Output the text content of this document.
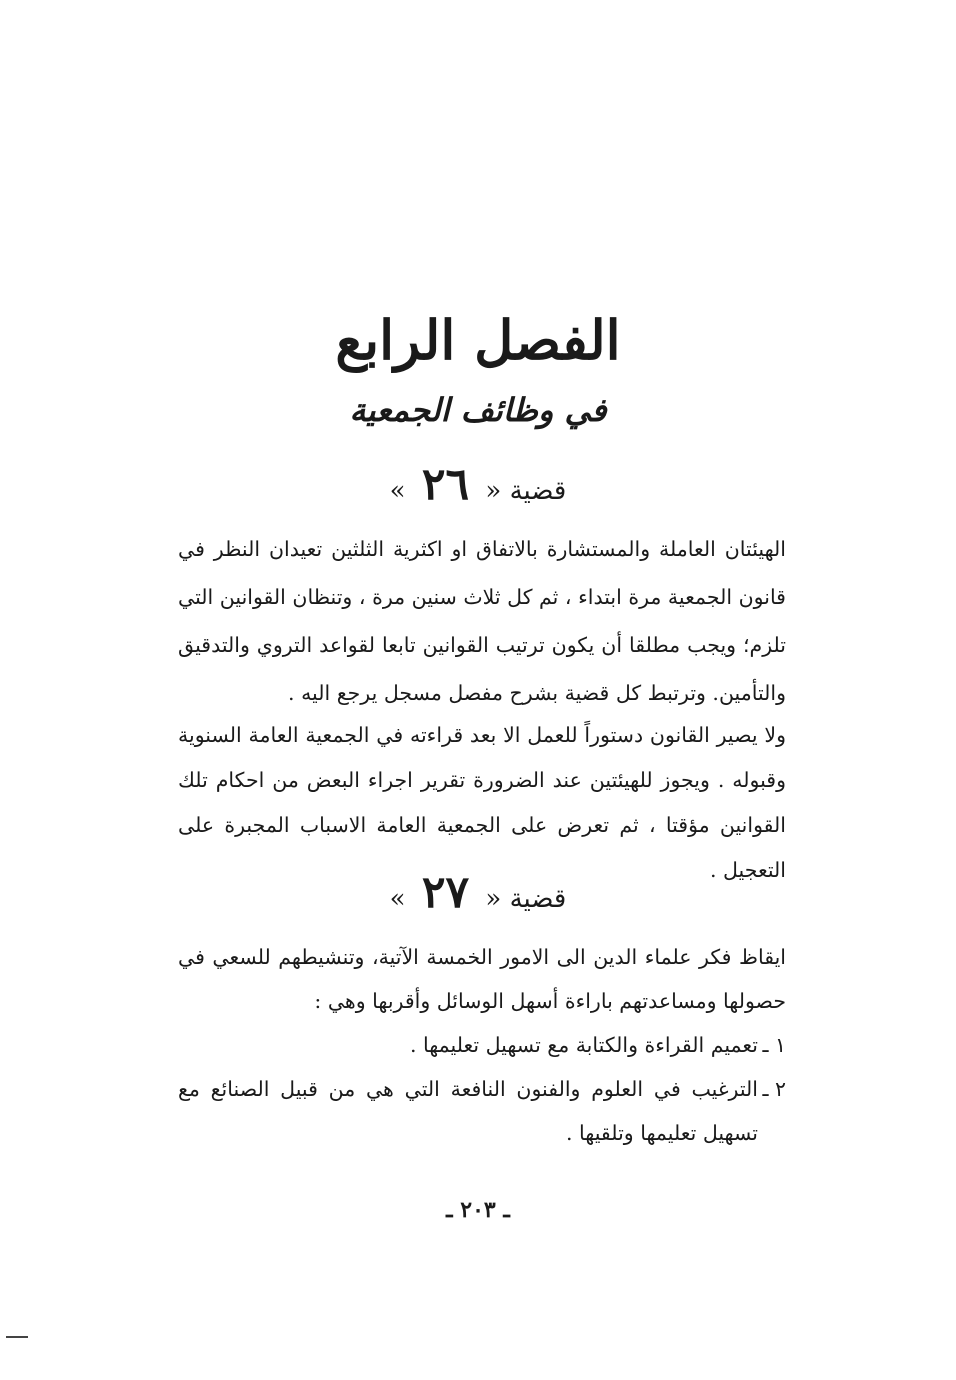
الفصل الرابع
في وظائف الجمعية
قضية « ٢٦ »

الهيئتان العاملة والمستشارة بالاتفاق او اكثرية الثلثين تعيدان النظر في قانون الجمعية مرة ابتداء ، ثم كل ثلاث سنين مرة ، وتنظان القوانين التي تلزم؛ ويجب مطلقا أن يكون ترتيب القوانين تابعا لقواعد التروي والتدقيق والتأمين. وترتبط كل قضية بشرح مفصل مسجل يرجع اليه .

ولا يصير القانون دستوراً للعمل الا بعد قراءته في الجمعية العامة السنوية وقبوله . ويجوز للهيئتين عند الضرورة تقرير اجراء البعض من احكام تلك القوانين مؤقتا ، ثم تعرض على الجمعية العامة الاسباب المجبرة على التعجيل .

قضية « ٢٧ »

ايقاظ فكر علماء الدين الى الامور الخمسة الآتية، وتنشيطهم للسعي في حصولها ومساعدتهم باراءة أسهل الوسائل وأقربها وهي :

١ ـ
تعميم القراءة والكتابة مع تسهيل تعليمها .

٢ ـ
الترغيب في العلوم والفنون النافعة التي هي من قبيل الصنائع مع تسهيل تعليمها وتلقيها .

ـ ٢٠٣ ـ
